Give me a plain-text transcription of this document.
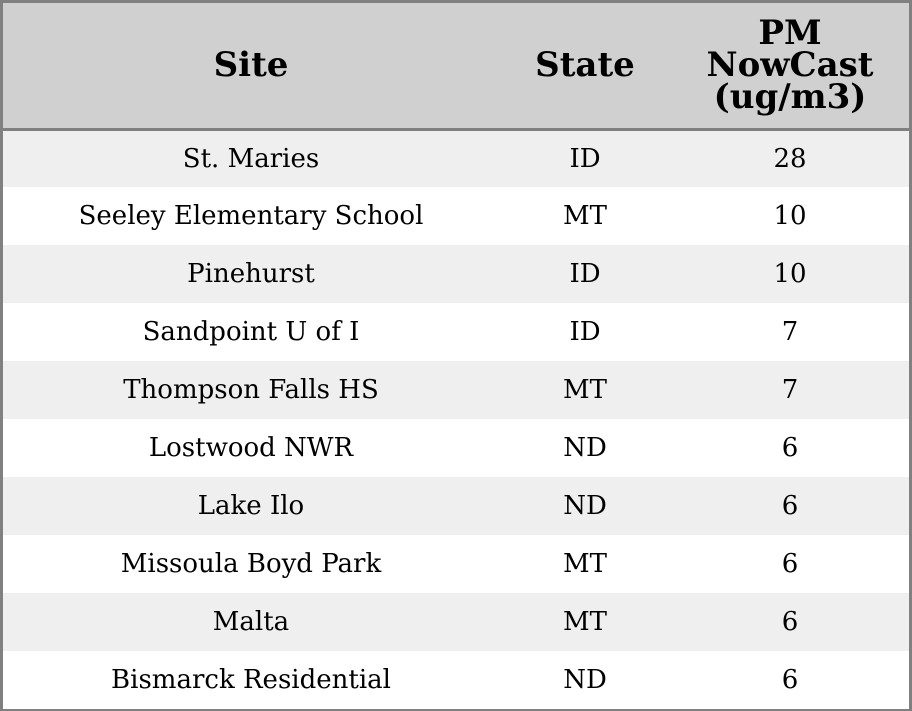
Site	State	PM
NowCast
(ug/m3)

St. Maries	ID	28
Seeley Elementary School	MT	10
Pinehurst	ID	10
Sandpoint U of I	ID	7
Thompson Falls HS	MT	7
Lostwood NWR	ND	6
Lake Ilo	ND	6
Missoula Boyd Park	MT	6
Malta	MT	6
Bismarck Residential	ND	6
